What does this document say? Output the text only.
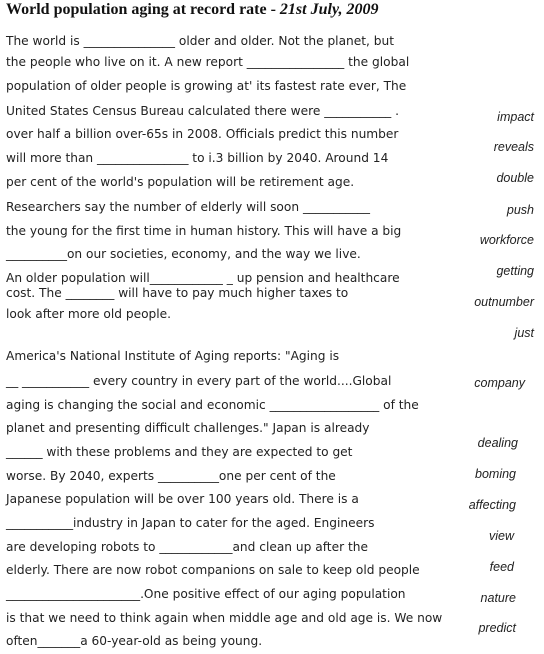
World population aging at record rate - 21st July, 2009
The world is _______________ older and older. Not the planet, but
the people who live on it. A new report ________________ the global
population of older people is growing at' its fastest rate ever, The
United States Census Bureau calculated there were ___________ .
over half a billion over-65s in 2008. Officials predict this number
will more than _______________ to i.3 billion by 2040. Around 14
per cent of the world's population will be retirement age.
Researchers say the number of elderly will soon ___________
the young for the first time in human history. This will have a big
__________on our societies, economy, and the way we live.
An older population will____________ _ up pension and healthcare
cost. The ________ will have to pay much higher taxes to
look after more old people.
America's National Institute of Aging reports: "Aging is
__ ___________ every country in every part of the world....Global
aging is changing the social and economic __________________ of the
planet and presenting difficult challenges." Japan is already
______ with these problems and they are expected to get
worse. By 2040, experts __________one per cent of the
Japanese population will be over 100 years old. There is a
___________industry in Japan to cater for the aged. Engineers
are developing robots to ____________and clean up after the
elderly. There are now robot companions on sale to keep old people
______________________.One positive effect of our aging population
is that we need to think again when middle age and old age is. We now
often_______a 60-year-old as being young.
impact
reveals
double
push
workforce
getting
outnumber
just
company
dealing
boming
affecting
view
feed
nature
predict
